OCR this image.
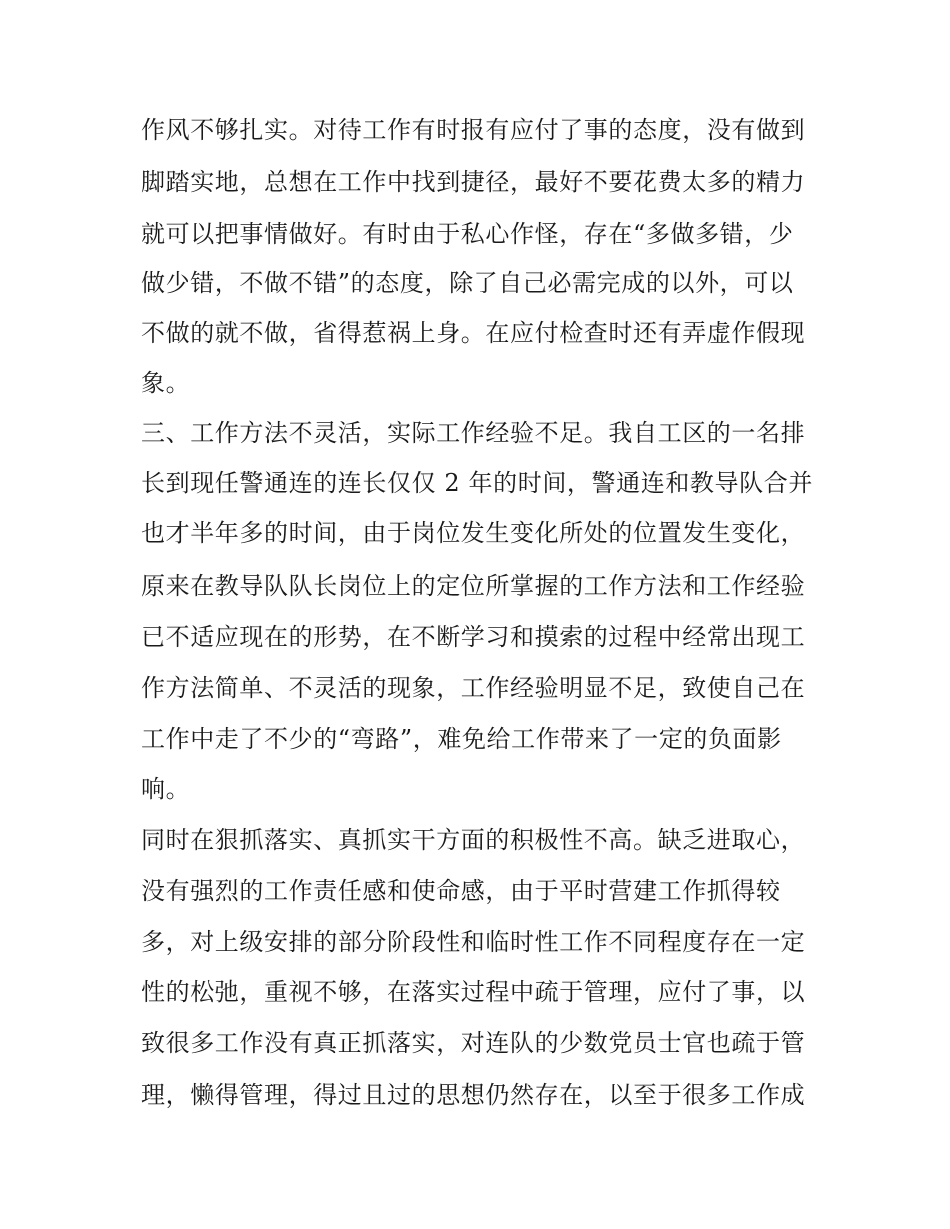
作风不够扎实。对待工作有时报有应付了事的态度，没有做到
脚踏实地，总想在工作中找到捷径，最好不要花费太多的精力
就可以把事情做好。有时由于私心作怪，存在“多做多错，少
做少错，不做不错”的态度，除了自己必需完成的以外，可以
不做的就不做，省得惹祸上身。在应付检查时还有弄虚作假现
象。
三、工作方法不灵活，实际工作经验不足。我自工区的一名排
长到现任警通连的连长仅仅 2 年的时间，警通连和教导队合并
也才半年多的时间，由于岗位发生变化所处的位置发生变化，
原来在教导队队长岗位上的定位所掌握的工作方法和工作经验
已不适应现在的形势，在不断学习和摸索的过程中经常出现工
作方法简单、不灵活的现象，工作经验明显不足，致使自己在
工作中走了不少的“弯路”，难免给工作带来了一定的负面影
响。
同时在狠抓落实、真抓实干方面的积极性不高。缺乏进取心，
没有强烈的工作责任感和使命感，由于平时营建工作抓得较
多，对上级安排的部分阶段性和临时性工作不同程度存在一定
性的松弛，重视不够，在落实过程中疏于管理，应付了事，以
致很多工作没有真正抓落实，对连队的少数党员士官也疏于管
理，懒得管理，得过且过的思想仍然存在，以至于很多工作成
